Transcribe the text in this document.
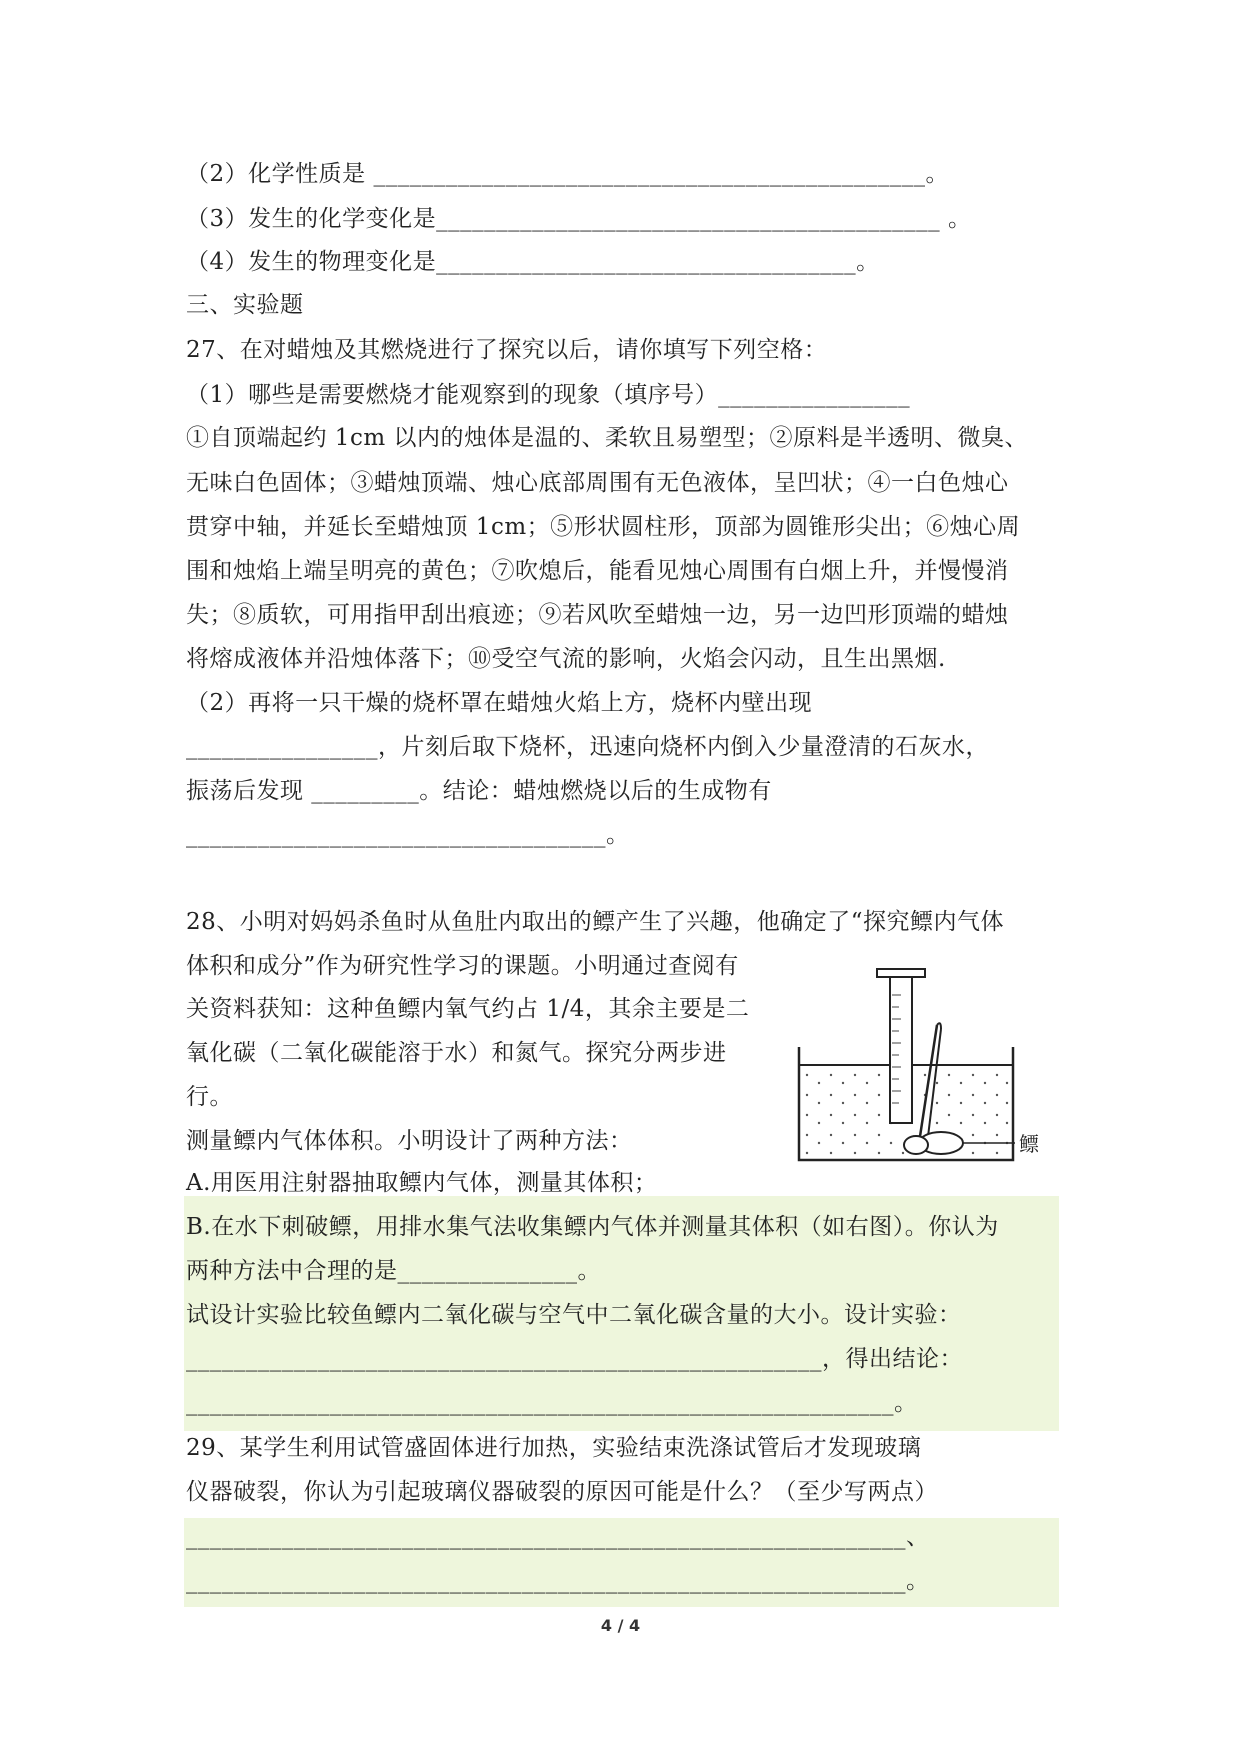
（2）化学性质是 ______________________________________________。
（3）发生的化学变化是__________________________________________ 。
（4）发生的物理变化是___________________________________。
三、实验题
27、在对蜡烛及其燃烧进行了探究以后，请你填写下列空格：
（1）哪些是需要燃烧才能观察到的现象（填序号）________________
①自顶端起约 1cm 以内的烛体是温的、柔软且易塑型；②原料是半透明、微臭、
无味白色固体；③蜡烛顶端、烛心底部周围有无色液体，呈凹状；④一白色烛心
贯穿中轴，并延长至蜡烛顶 1cm；⑤形状圆柱形，顶部为圆锥形尖出；⑥烛心周
围和烛焰上端呈明亮的黄色；⑦吹熄后，能看见烛心周围有白烟上升，并慢慢消
失；⑧质软，可用指甲刮出痕迹；⑨若风吹至蜡烛一边，另一边凹形顶端的蜡烛
将熔成液体并沿烛体落下；⑩受空气流的影响，火焰会闪动，且生出黑烟.
（2）再将一只干燥的烧杯罩在蜡烛火焰上方，烧杯内壁出现
________________，片刻后取下烧杯，迅速向烧杯内倒入少量澄清的石灰水，
振荡后发现 _________。结论：蜡烛燃烧以后的生成物有
___________________________________。
28、小明对妈妈杀鱼时从鱼肚内取出的鳔产生了兴趣，他确定了“探究鳔内气体
体积和成分”作为研究性学习的课题。小明通过查阅有
关资料获知：这种鱼鳔内氧气约占 1/4，其余主要是二
氧化碳（二氧化碳能溶于水）和氮气。探究分两步进
行。
测量鳔内气体体积。小明设计了两种方法：
A.用医用注射器抽取鳔内气体，测量其体积；
B.在水下刺破鳔，用排水集气法收集鳔内气体并测量其体积（如右图）。你认为
两种方法中合理的是_______________。
试设计实验比较鱼鳔内二氧化碳与空气中二氧化碳含量的大小。设计实验：
_____________________________________________________，得出结论：
___________________________________________________________。
鳔
29、某学生利用试管盛固体进行加热，实验结束洗涤试管后才发现玻璃
仪器破裂，你认为引起玻璃仪器破裂的原因可能是什么？（至少写两点）
____________________________________________________________、
____________________________________________________________。
4 / 4
